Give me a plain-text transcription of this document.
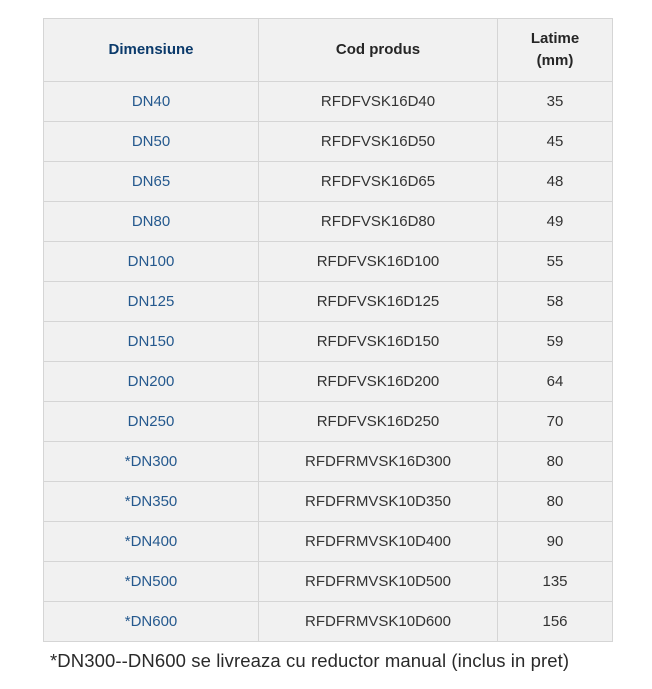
Dimensiune	Cod produs	Latime
(mm)

DN40	RFDFVSK16D40	35
DN50	RFDFVSK16D50	45
DN65	RFDFVSK16D65	48
DN80	RFDFVSK16D80	49
DN100	RFDFVSK16D100	55
DN125	RFDFVSK16D125	58
DN150	RFDFVSK16D150	59
DN200	RFDFVSK16D200	64
DN250	RFDFVSK16D250	70
*DN300	RFDFRMVSK16D300	80
*DN350	RFDFRMVSK10D350	80
*DN400	RFDFRMVSK10D400	90
*DN500	RFDFRMVSK10D500	135
*DN600	RFDFRMVSK10D600	156
*DN300--DN600 se livreaza cu reductor manual (inclus in pret)
